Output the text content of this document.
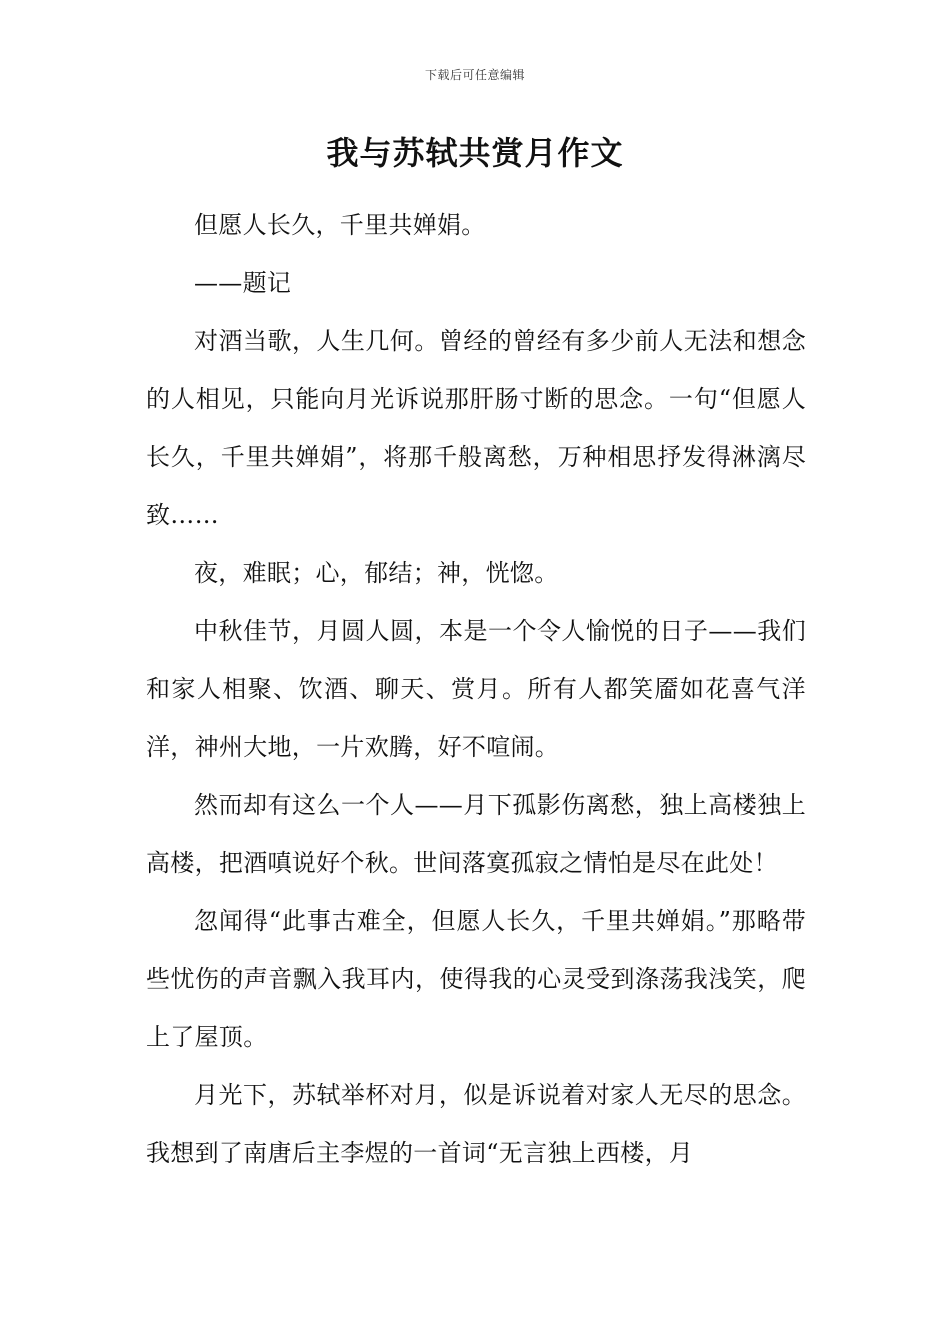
下载后可任意编辑
我与苏轼共赏月作文

但愿人长久，千里共婵娟。

——题记

对酒当歌，人生几何。曾经的曾经有多少前人无法和想念的人相见，只能向月光诉说那肝肠寸断的思念。一句“但愿人长久，千里共婵娟”，将那千般离愁，万种相思抒发得淋漓尽致……

夜，难眠；心，郁结；神，恍惚。

中秋佳节，月圆人圆，本是一个令人愉悦的日子——我们和家人相聚、饮酒、聊天、赏月。所有人都笑靥如花喜气洋洋，神州大地，一片欢腾，好不喧闹。

然而却有这么一个人——月下孤影伤离愁，独上高楼独上高楼，把酒嗔说好个秋。世间落寞孤寂之情怕是尽在此处！

忽闻得“此事古难全，但愿人长久，千里共婵娟。”那略带些忧伤的声音飘入我耳内，使得我的心灵受到涤荡我浅笑，爬上了屋顶。

月光下，苏轼举杯对月，似是诉说着对家人无尽的思念。我想到了南唐后主李煜的一首词“无言独上西楼，月
